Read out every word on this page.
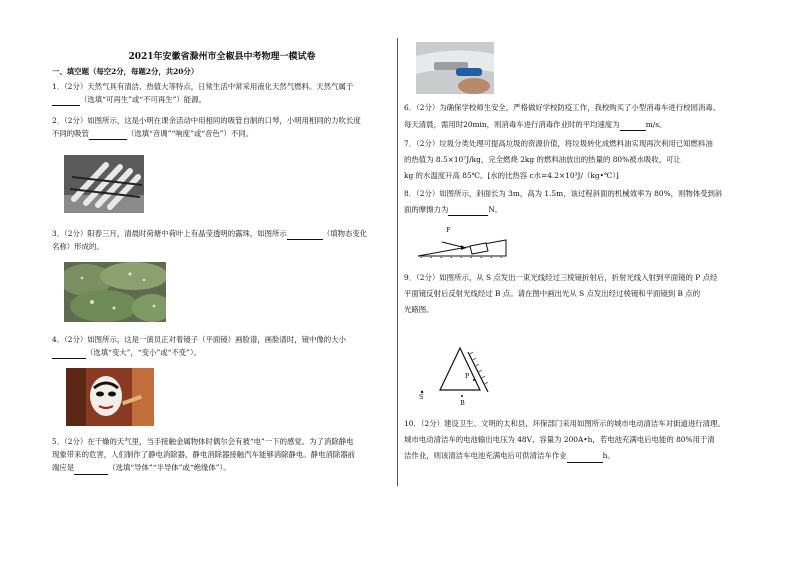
2021年安徽省滁州市全椒县中考物理一模试卷
一、填空题（每空2分，每题2分，共20分）
1．（2分）天然气具有清洁、热值大等特点，日常生活中常采用液化天然气燃料。天然气属于
（选填“可再生”或“不可再生”）能源。
2．（2分）如图所示，这是小明在课余活动中用相同的吸管自制的口琴，小明用相同的力吹长度
不同的吸管	（选填“音调”“响度”或“音色”）不同。
3．（2分）阳春三月，清晨时荷塘中荷叶上有晶莹透明的露珠，如图所示	（填物态变化
名称）形成的。
4．（2分）如图所示，这是一演员正对着镜子（平面镜）画脸谱，画脸谱时，镜中像的大小
（选填“变大”，“变小”或“不变”）。
5．（2分）在干燥的天气里，当手接触金属物体时偶尔会有被“电”一下的感觉。为了消除静电
现象带来的危害，人们制作了静电消除器，静电消除器接触汽车能够消除静电。静电消除器前
端应是	（选填“导体”“半导体”或“绝缘体”）。
6．（2分）为确保学校师生安全，严格做好学校防疫工作，我校购买了小型消毒车进行校园消毒。
每天清晨，需用时20min，则消毒车进行消毒作业时的平均速度为	m/s。
7．（2分）垃圾分类处理可提高垃圾的资源价值，将垃圾转化成燃料油实现再次利用已知燃料油
的热值为 8.5×10⁷J/kg，完全燃烧 2kg 的燃料油放出的热量的 80%被水吸收，可让
kg 的水温度升高 85℃。[水的比热容 c水=4.2×10³J/（kg•℃）]
8．（2分）如图所示，斜面长为 3m，高为 1.5m，该过程斜面的机械效率为 80%，则物体受到斜
面的摩擦力为	N。
F
9．（2分）如图所示，从 S 点发出一束光线经过三棱镜折射后，折射光线入射到平面镜的 P 点经
平面镜反射后反射光线经过 B 点。请在图中画出光从 S 点发出经过棱镜和平面镜到 B 点的
光路图。
S
P
B
10．（2分）建设卫生、文明的太和县，环保部门采用如图所示的城市电动清洁车对街道进行清理。
城市电动清洁车的电池输出电压为 48V、容量为 200A•h，若电池充满电后电能的 80%用于清
洁作业，则该清洁车电池充满电后可供清洁车作业	h。
